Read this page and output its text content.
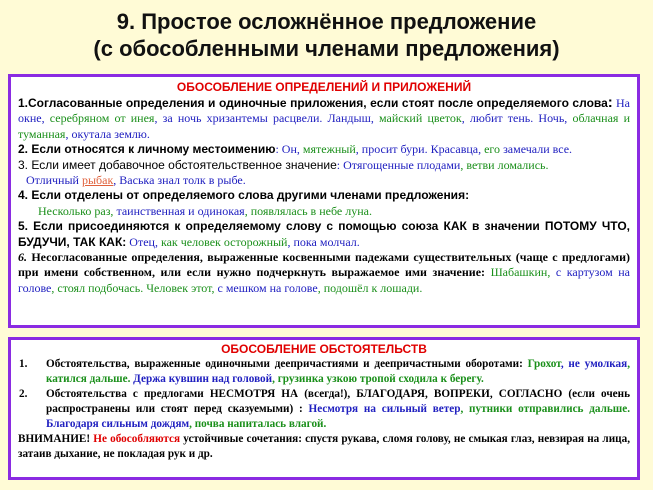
9. Простое осложнённое предложение
(с обособленными членами предложения)
ОБОСОБЛЕНИЕ ОПРЕДЕЛЕНИЙ И ПРИЛОЖЕНИЙ
1.Согласованные определения и одиночные приложения, если стоят после определяемого слова: На окне, серебряном от инея, за ночь хризантемы расцвели. Ландыш, майский цветок, любит тень. Ночь, облачная и туманная, окутала землю.
2. Если относятся к личному местоимению: Он, мятежный, просит бури. Красавца, его замечали все.
3. Если имеет добавочное обстоятельственное значение: Отягощенные плодами, ветви ломались.
Отличный рыбак, Васька знал толк в рыбе.
4. Если отделены от определяемого слова другими членами предложения:
Несколько раз, таинственная и одинокая, появлялась в небе луна.
5. Если присоединяются к определяемому слову с помощью союза КАК в значении ПОТОМУ ЧТО, БУДУЧИ, ТАК КАК: Отец, как человек осторожный, пока молчал.
6. Несогласованные определения, выраженные косвенными падежами существительных (чаще с предлогами) при имени собственном, или если нужно подчеркнуть выражаемое ими значение: Шабашкин, с картузом на голове, стоял подбочась. Человек этот, с мешком на голове, подошёл к лошади.
ОБОСОБЛЕНИЕ ОБСТОЯТЕЛЬСТВ
1. Обстоятельства, выраженные одиночными деепричастиями и деепричастными оборотами: Грохот, не умолкая, катился дальше. Держа кувшин над головой, грузинка узкою тропой сходила к берегу.
2. Обстоятельства с предлогами НЕСМОТРЯ НА (всегда!), БЛАГОДАРЯ, ВОПРЕКИ, СОГЛАСНО (если очень распространены или стоят перед сказуемыми) : Несмотря на сильный ветер, путники отправились дальше. Благодаря сильным дождям, почва напиталась влагой.
ВНИМАНИЕ! Не обособляются устойчивые сочетания: спустя рукава, сломя голову, не смыкая глаз, невзирая на лица, затаив дыхание, не покладая рук и др.
